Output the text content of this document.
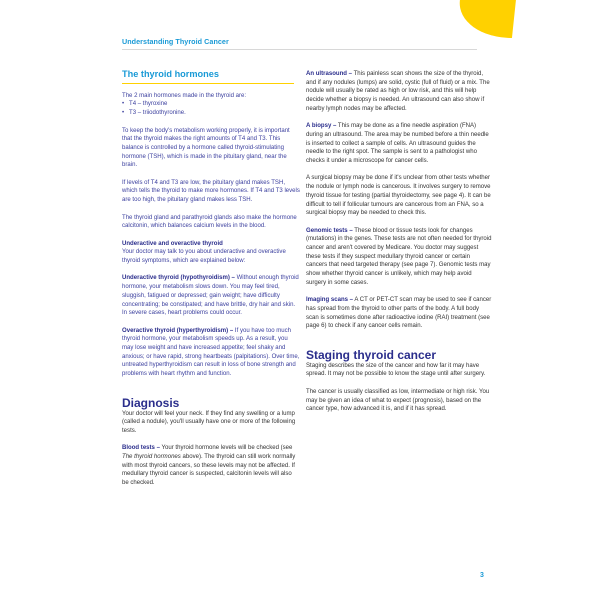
Understanding Thyroid Cancer
The thyroid hormones

The 2 main hormones made in the thyroid are:

• T4 – thyroxine
• T3 – triiodothyronine.

To keep the body's metabolism working properly, it is important that the thyroid makes the right amounts of T4 and T3. This balance is controlled by a hormone called thyroid-stimulating hormone (TSH), which is made in the pituitary gland, near the brain.

If levels of T4 and T3 are low, the pituitary gland makes TSH, which tells the thyroid to make more hormones. If T4 and T3 levels are too high, the pituitary gland makes less TSH.

The thyroid gland and parathyroid glands also make the hormone calcitonin, which balances calcium levels in the blood.

Underactive and overactive thyroid

Your doctor may talk to you about underactive and overactive thyroid symptoms, which are explained below:

Underactive thyroid (hypothyroidism) – Without enough thyroid hormone, your metabolism slows down. You may feel tired, sluggish, fatigued or depressed; gain weight; have difficulty concentrating; be constipated; and have brittle, dry hair and skin. In severe cases, heart problems could occur.

Overactive thyroid (hyperthyroidism) – If you have too much thyroid hormone, your metabolism speeds up. As a result, you may lose weight and have increased appetite; feel shaky and anxious; or have rapid, strong heartbeats (palpitations). Over time, untreated hyperthyroidism can result in loss of bone strength and problems with heart rhythm and function.

Diagnosis

Your doctor will feel your neck. If they find any swelling or a lump (called a nodule), you'll usually have one or more of the following tests.

Blood tests – Your thyroid hormone levels will be checked (see The thyroid hormones above). The thyroid can still work normally with most thyroid cancers, so these levels may not be affected. If medullary thyroid cancer is suspected, calcitonin levels will also be checked.

An ultrasound – This painless scan shows the size of the thyroid, and if any nodules (lumps) are solid, cystic (full of fluid) or a mix. The nodule will usually be rated as high or low risk, and this will help decide whether a biopsy is needed. An ultrasound can also show if nearby lymph nodes may be affected.

A biopsy – This may be done as a fine needle aspiration (FNA) during an ultrasound. The area may be numbed before a thin needle is inserted to collect a sample of cells. An ultrasound guides the needle to the right spot. The sample is sent to a pathologist who checks it under a microscope for cancer cells.

A surgical biopsy may be done if it's unclear from other tests whether the nodule or lymph node is cancerous. It involves surgery to remove thyroid tissue for testing (partial thyroidectomy, see page 4). It can be difficult to tell if follicular tumours are cancerous from an FNA, so a surgical biopsy may be needed to check this.

Genomic tests – These blood or tissue tests look for changes (mutations) in the genes. These tests are not often needed for thyroid cancer and aren't covered by Medicare. You doctor may suggest these tests if they suspect medullary thyroid cancer or certain cancers that need targeted therapy (see page 7). Genomic tests may show whether thyroid cancer is unlikely, which may help avoid surgery in some cases.

Imaging scans – A CT or PET-CT scan may be used to see if cancer has spread from the thyroid to other parts of the body. A full body scan is sometimes done after radioactive iodine (RAI) treatment (see page 6) to check if any cancer cells remain.

Staging thyroid cancer

Staging describes the size of the cancer and how far it may have spread. It may not be possible to know the stage until after surgery.

The cancer is usually classified as low, intermediate or high risk. You may be given an idea of what to expect (prognosis), based on the cancer type, how advanced it is, and if it has spread.

3
